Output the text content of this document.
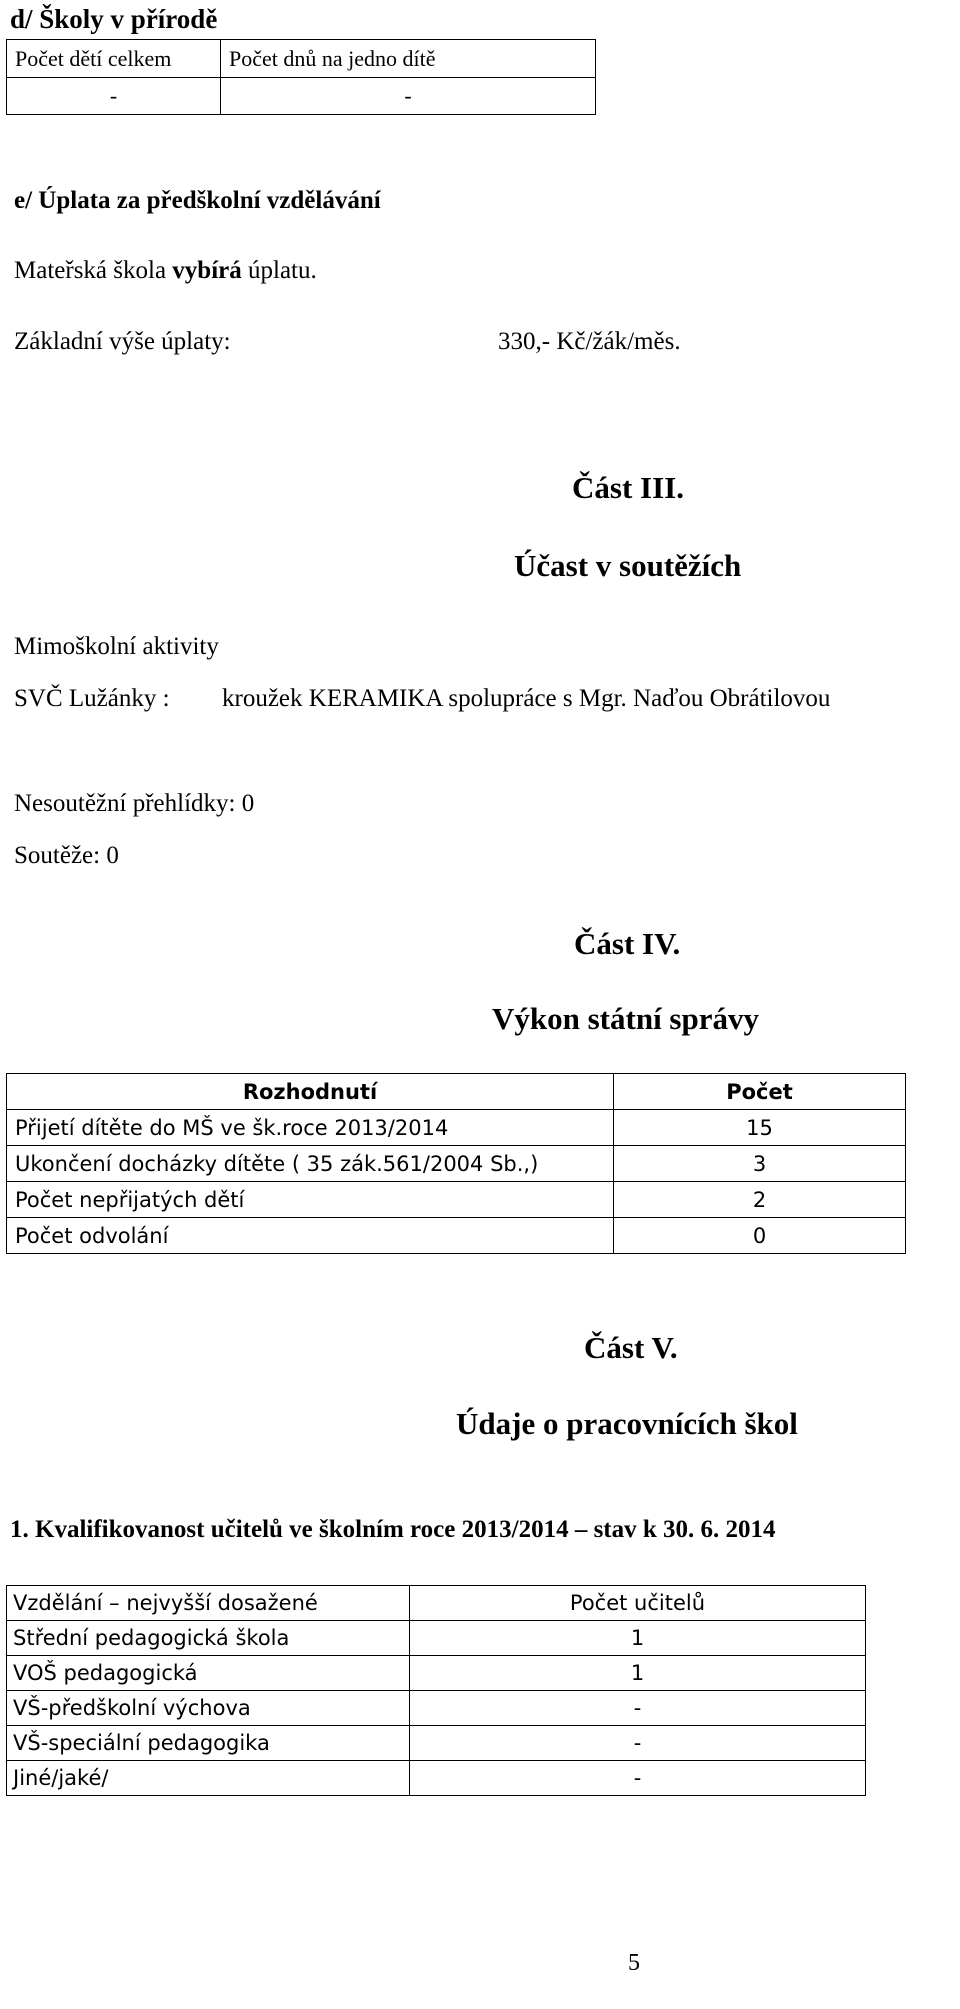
d/ Školy v přírodě
Počet dětí celkem	Počet dnů na jedno dítě
-	-
e/ Úplata za předškolní vzdělávání
Mateřská škola vybírá úplatu.
Základní výše úplaty:	330,- Kč/žák/měs.
Část III.
Účast v soutěžích
Mimoškolní aktivity
SVČ Lužánky : kroužek KERAMIKA spolupráce s Mgr. Naďou Obrátilovou
Nesoutěžní přehlídky: 0
Soutěže: 0
Část IV.
Výkon státní správy
Rozhodnutí	Počet
Přijetí dítěte do MŠ ve šk.roce 2013/2014	15
Ukončení docházky dítěte ( 35 zák.561/2004 Sb.,)	3
Počet nepřijatých dětí	2
Počet odvolání	0
Část V.
Údaje o pracovnících škol
1. Kvalifikovanost učitelů ve školním roce 2013/2014 – stav k 30. 6. 2014
Vzdělání – nejvyšší dosažené	Počet učitelů
Střední pedagogická škola	1
VOŠ pedagogická	1
VŠ-předškolní výchova	-
VŠ-speciální pedagogika	-
Jiné/jaké/	-
5
